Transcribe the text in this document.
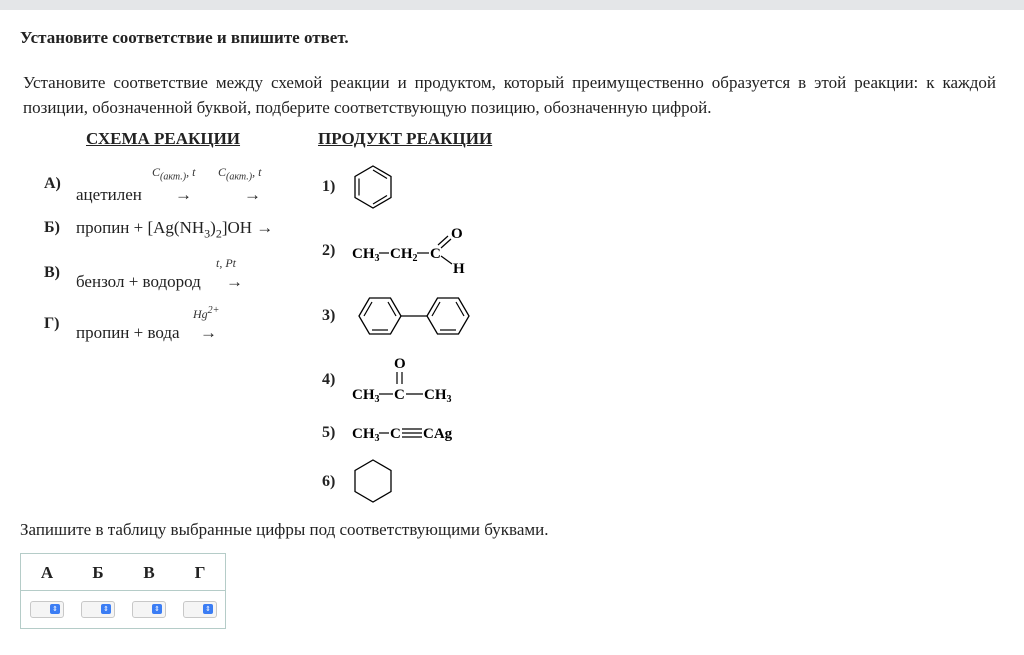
Установите соответствие и впишите ответ.
Установите соответствие между схемой реакции и продуктом, который преимущественно образуется в этой реакции: к каждой позиции, обозначенной буквой, подберите соответствующую позицию, обозначенную цифрой.
СХЕМА РЕАКЦИИ	ПРОДУКТ РЕАКЦИИ
А)
ацетилен
$C_{(акт.)}$, t $C_{(акт.)}$, t
→	→
Б) пропин + $[Ag(NH_3)_2]OH$ →
В) бензол + водород
t, Pt
→
Г) пропин + вода
$Hg^{2+}$
→
1)
2) $CH_3$ $CH_2$ C
O
H
3)
4)
O
$CH_3$ C $CH_3$
5) $CH_3$ C CAg
6)
Запишите в таблицу выбранные цифры под соответствующими буквами.
А	Б	В	Г
⇕	⇕	⇕	⇕
